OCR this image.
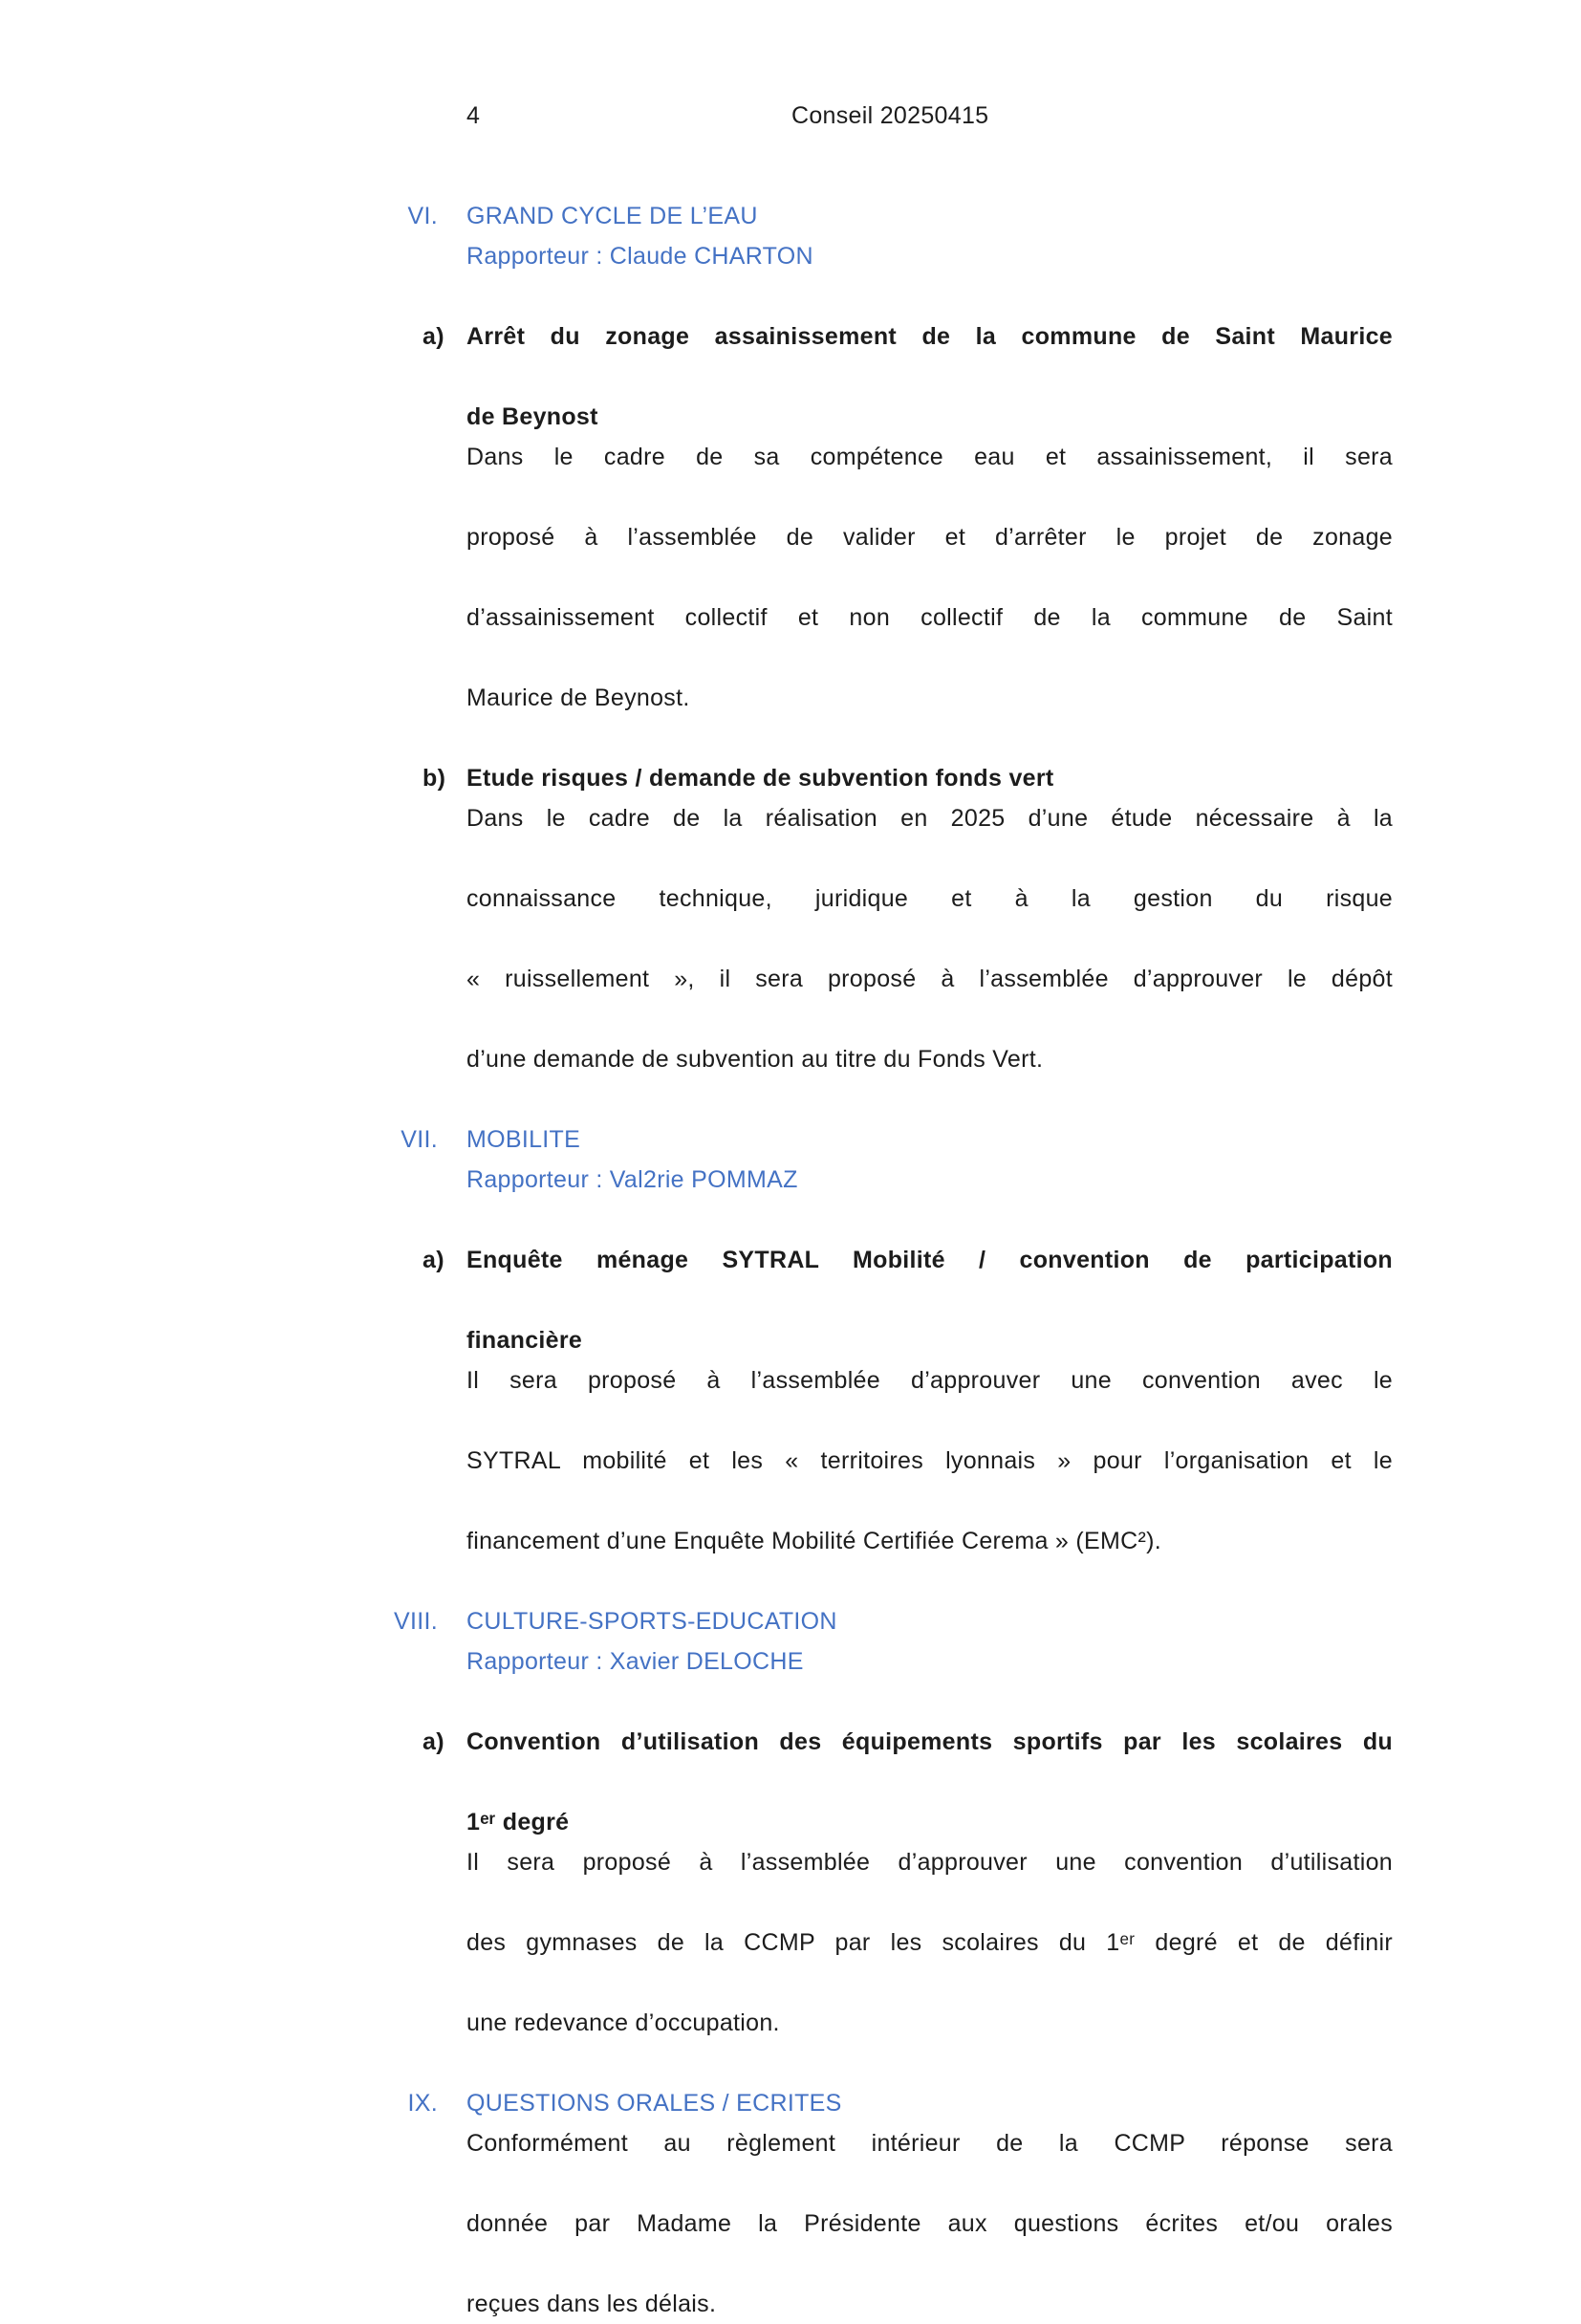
4	Conseil 20250415
VI. GRAND CYCLE DE L’EAU
Rapporteur : Claude CHARTON
a) Arrêt du zonage assainissement de la commune de Saint Maurice
de Beynost
Dans le cadre de sa compétence eau et assainissement, il sera
proposé à l’assemblée de valider et d’arrêter le projet de zonage
d’assainissement collectif et non collectif de la commune de Saint
Maurice de Beynost.
b) Etude risques / demande de subvention fonds vert
Dans le cadre de la réalisation en 2025 d’une étude nécessaire à la
connaissance technique, juridique et à la gestion du risque
« ruissellement », il sera proposé à l’assemblée d’approuver le dépôt
d’une demande de subvention au titre du Fonds Vert.
VII. MOBILITE
Rapporteur : Val2rie POMMAZ
a) Enquête ménage SYTRAL Mobilité / convention de participation
financière
Il sera proposé à l’assemblée d’approuver une convention avec le
SYTRAL mobilité et les « territoires lyonnais » pour l’organisation et le
financement d’une Enquête Mobilité Certifiée Cerema » (EMC²).
VIII. CULTURE-SPORTS-EDUCATION
Rapporteur : Xavier DELOCHE
a) Convention d’utilisation des équipements sportifs par les scolaires du
1ᵉʳ degré
Il sera proposé à l’assemblée d’approuver une convention d’utilisation
des gymnases de la CCMP par les scolaires du 1ᵉʳ degré et de définir
une redevance d’occupation.
IX. QUESTIONS ORALES / ECRITES
Conformément au règlement intérieur de la CCMP réponse sera
donnée par Madame la Présidente aux questions écrites et/ou orales
reçues dans les délais.
